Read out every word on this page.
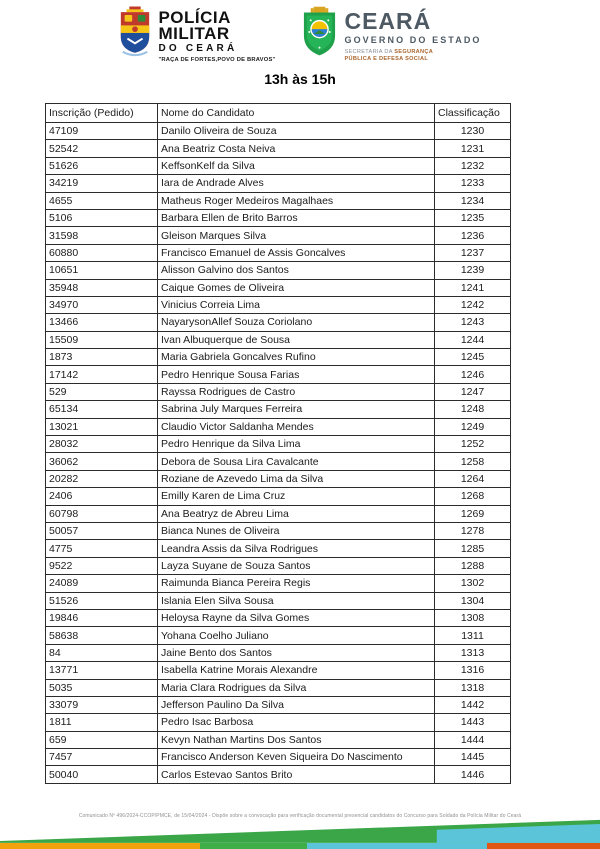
POLÍCIA
MILITAR
DO CEARÁ
"RAÇA DE FORTES,POVO DE BRAVOS"
CEARÁ
GOVERNO DO ESTADO
SECRETARIA DA SEGURANÇA
PÚBLICA E DEFESA SOCIAL
13h às 15h
Inscrição (Pedido)	Nome do Candidato	Classificação
47109	Danilo Oliveira de Souza	1230
52542	Ana Beatriz Costa Neiva	1231
51626	KeffsonKelf da Silva	1232
34219	Iara de Andrade Alves	1233
4655	Matheus Roger Medeiros Magalhaes	1234
5106	Barbara Ellen de Brito Barros	1235
31598	Gleison Marques Silva	1236
60880	Francisco Emanuel de Assis Goncalves	1237
10651	Alisson Galvino dos Santos	1239
35948	Caique Gomes de Oliveira	1241
34970	Vinicius Correia Lima	1242
13466	NayarysonAllef Souza Coriolano	1243
15509	Ivan Albuquerque de Sousa	1244
1873	Maria Gabriela Goncalves Rufino	1245
17142	Pedro Henrique Sousa Farias	1246
529	Rayssa Rodrigues de Castro	1247
65134	Sabrina July Marques Ferreira	1248
13021	Claudio Victor Saldanha Mendes	1249
28032	Pedro Henrique da Silva Lima	1252
36062	Debora de Sousa Lira Cavalcante	1258
20282	Roziane de Azevedo Lima da Silva	1264
2406	Emilly Karen de Lima Cruz	1268
60798	Ana Beatryz de Abreu Lima	1269
50057	Bianca Nunes de Oliveira	1278
4775	Leandra Assis da Silva Rodrigues	1285
9522	Layza Suyane de Souza Santos	1288
24089	Raimunda Bianca Pereira Regis	1302
51526	Islania Elen Silva Sousa	1304
19846	Heloysa Rayne da Silva Gomes	1308
58638	Yohana Coelho Juliano	1311
84	Jaine Bento dos Santos	1313
13771	Isabella Katrine Morais Alexandre	1316
5035	Maria Clara Rodrigues da Silva	1318
33079	Jefferson Paulino Da Silva	1442
1811	Pedro Isac Barbosa	1443
659	Kevyn Nathan Martins Dos Santos	1444
7457	Francisco Anderson Keven Siqueira Do Nascimento	1445
50040	Carlos Estevao Santos Brito	1446
Comunicado Nº 496/2024-CCOP/PMCE, de 15/04/2024 - Dispõe sobre a convocação para verificação documental presencial candidatos do Concurso para Soldado da Polícia Militar do Ceará
